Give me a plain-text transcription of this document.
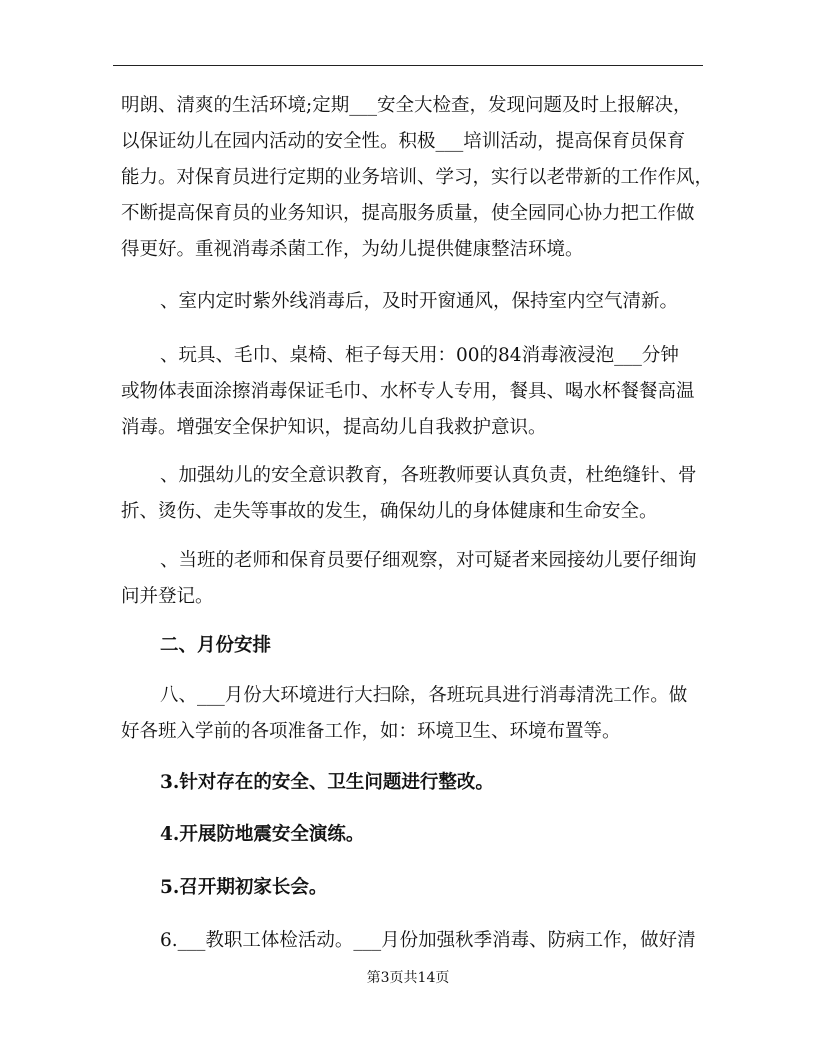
明朗、清爽的生活环境;定期___安全大检查，发现问题及时上报解决，
以保证幼儿在园内活动的安全性。积极___培训活动，提高保育员保育
能力。对保育员进行定期的业务培训、学习，实行以老带新的工作作风，
不断提高保育员的业务知识，提高服务质量，使全园同心协力把工作做
得更好。重视消毒杀菌工作，为幼儿提供健康整洁环境。

、室内定时紫外线消毒后，及时开窗通风，保持室内空气清新。

、玩具、毛巾、桌椅、柜子每天用：00的84消毒液浸泡___分钟
或物体表面涂擦消毒保证毛巾、水杯专人专用，餐具、喝水杯餐餐高温
消毒。增强安全保护知识，提高幼儿自我救护意识。

、加强幼儿的安全意识教育，各班教师要认真负责，杜绝缝针、骨
折、烫伤、走失等事故的发生，确保幼儿的身体健康和生命安全。

、当班的老师和保育员要仔细观察，对可疑者来园接幼儿要仔细询
问并登记。

二、月份安排

八、___月份大环境进行大扫除，各班玩具进行消毒清洗工作。做
好各班入学前的各项准备工作，如：环境卫生、环境布置等。

3.针对存在的安全、卫生问题进行整改。

4.开展防地震安全演练。

5.召开期初家长会。

6.___教职工体检活动。___月份加强秋季消毒、防病工作，做好清

第3页共14页
